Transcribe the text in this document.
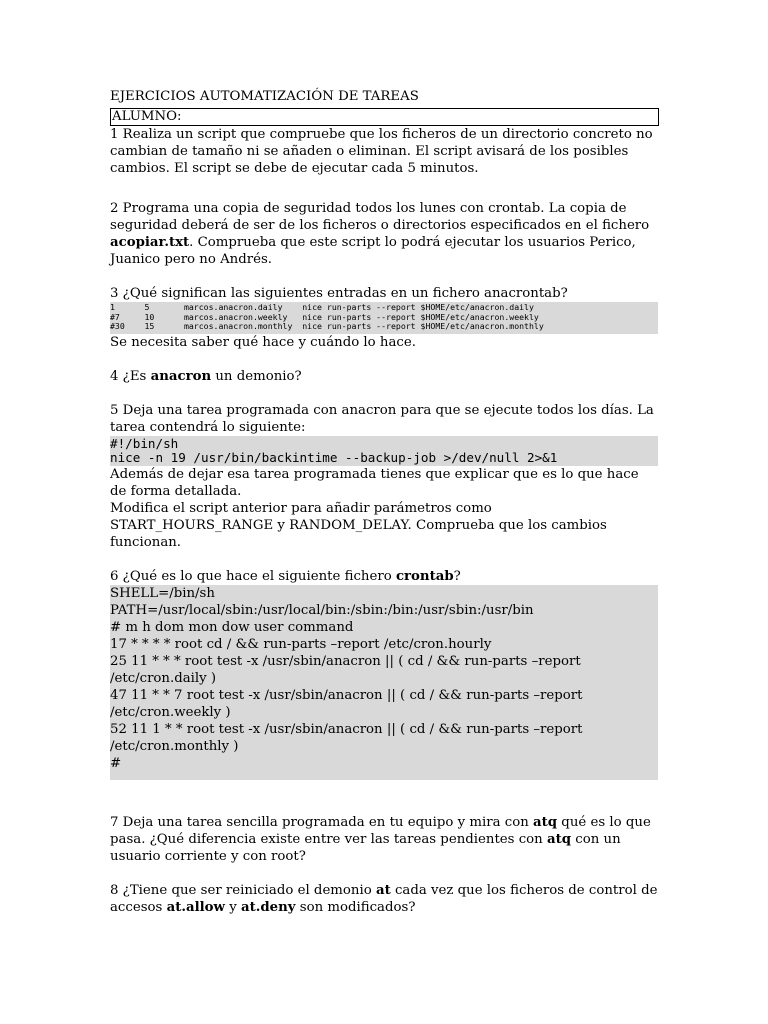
EJERCICIOS AUTOMATIZACIÓN DE TAREAS
ALUMNO:

1 Realiza un script que compruebe que los ficheros de un directorio concreto no cambian de tamaño ni se añaden o eliminan. El script avisará de los posibles cambios. El script se debe de ejecutar cada 5 minutos.

2 Programa una copia de seguridad todos los lunes con crontab. La copia de seguridad deberá de ser de los ficheros o directorios especificados en el fichero acopiar.txt. Comprueba que este script lo podrá ejecutar los usuarios Perico, Juanico pero no Andrés.

3 ¿Qué significan las siguientes entradas en un fichero anacrontab?

1      5       marcos.anacron.daily    nice run-parts --report $HOME/etc/anacron.daily
#7     10      marcos.anacron.weekly   nice run-parts --report $HOME/etc/anacron.weekly
#30    15      marcos.anacron.monthly  nice run-parts --report $HOME/etc/anacron.monthly

Se necesita saber qué hace y cuándo lo hace.

4 ¿Es anacron un demonio?

5 Deja una tarea programada con anacron para que se ejecute todos los días. La tarea contendrá lo siguiente:

#!/bin/sh
nice -n 19 /usr/bin/backintime --backup-job >/dev/null 2>&1

Además de dejar esa tarea programada tienes que explicar que es lo que hace de forma detallada.

Modifica el script anterior para añadir parámetros como START_HOURS_RANGE y RANDOM_DELAY. Comprueba que los cambios funcionan.

6 ¿Qué es lo que hace el siguiente fichero crontab?

SHELL=/bin/sh
PATH=/usr/local/sbin:/usr/local/bin:/sbin:/bin:/usr/sbin:/usr/bin
# m h dom mon dow user command
17 * * * * root cd / && run-parts –report /etc/cron.hourly
25 11 * * * root test -x /usr/sbin/anacron || ( cd / && run-parts –report
/etc/cron.daily )
47 11 * * 7 root test -x /usr/sbin/anacron || ( cd / && run-parts –report
/etc/cron.weekly )
52 11 1 * * root test -x /usr/sbin/anacron || ( cd / && run-parts –report
/etc/cron.monthly )
#

7 Deja una tarea sencilla programada en tu equipo y mira con atq qué es lo que pasa. ¿Qué diferencia existe entre ver las tareas pendientes con atq con un usuario corriente y con root?

8 ¿Tiene que ser reiniciado el demonio at cada vez que los ficheros de control de accesos at.allow y at.deny son modificados?
